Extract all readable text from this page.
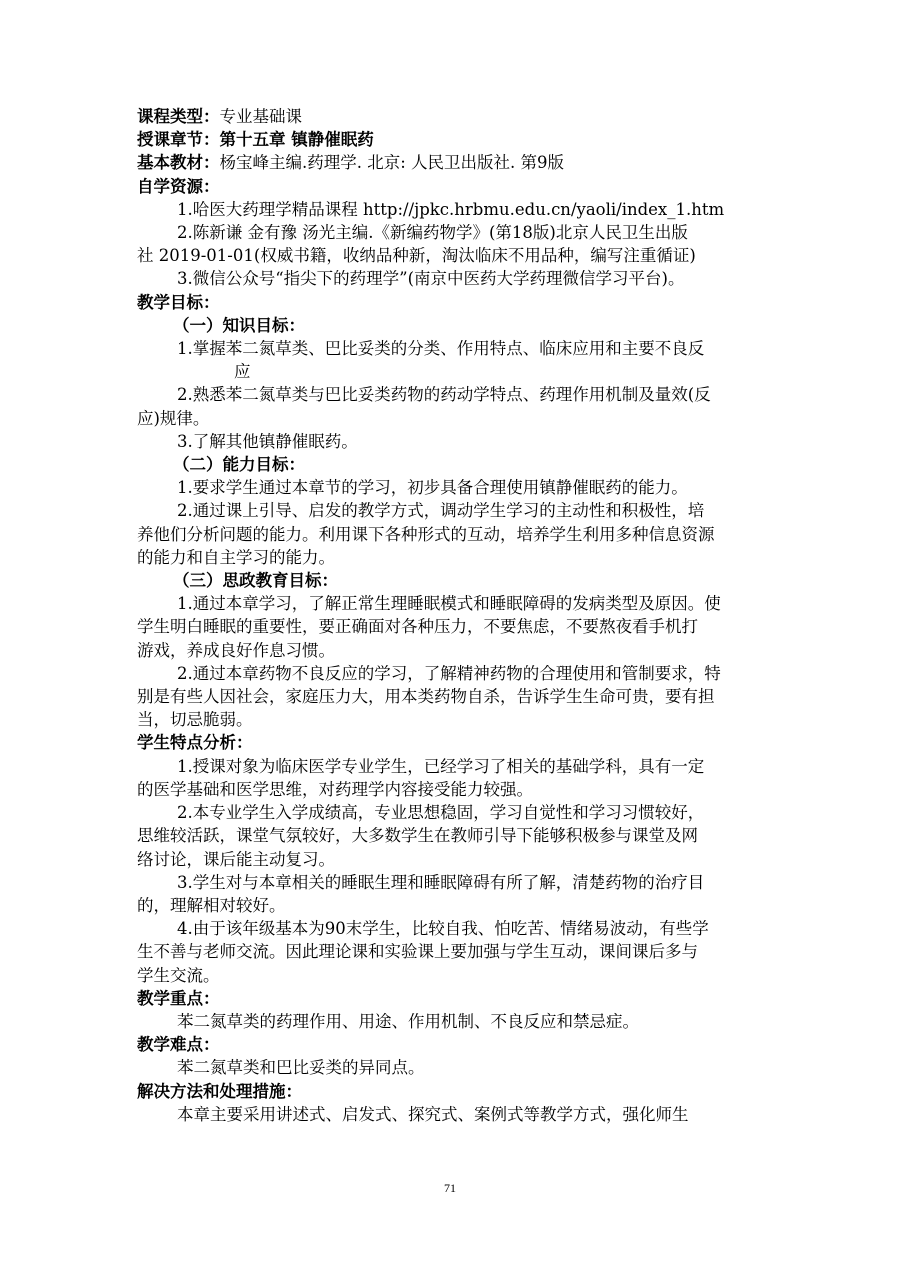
课程类型：专业基础课
授课章节：第十五章 镇静催眠药
基本教材：杨宝峰主编.药理学. 北京: 人民卫出版社. 第9版
自学资源：
1.哈医大药理学精品课程 http://jpkc.hrbmu.edu.cn/yaoli/index_1.htm
2.陈新谦 金有豫 汤光主编.《新编药物学》(第18版)北京人民卫生出版
社 2019-01-01(权威书籍，收纳品种新，淘汰临床不用品种，编写注重循证)
3.微信公众号“指尖下的药理学”(南京中医药大学药理微信学习平台)。
教学目标：
（一）知识目标：
1.掌握苯二氮草类、巴比妥类的分类、作用特点、临床应用和主要不良反
应
2.熟悉苯二氮草类与巴比妥类药物的药动学特点、药理作用机制及量效(反
应)规律。
3.了解其他镇静催眠药。
（二）能力目标：
1.要求学生通过本章节的学习，初步具备合理使用镇静催眠药的能力。
2.通过课上引导、启发的教学方式，调动学生学习的主动性和积极性，培
养他们分析问题的能力。利用课下各种形式的互动，培养学生利用多种信息资源
的能力和自主学习的能力。
（三）思政教育目标：
1.通过本章学习，了解正常生理睡眠模式和睡眠障碍的发病类型及原因。使
学生明白睡眠的重要性，要正确面对各种压力，不要焦虑，不要熬夜看手机打
游戏，养成良好作息习惯。
2.通过本章药物不良反应的学习，了解精神药物的合理使用和管制要求，特
别是有些人因社会，家庭压力大，用本类药物自杀，告诉学生生命可贵，要有担
当，切忌脆弱。
学生特点分析：
1.授课对象为临床医学专业学生，已经学习了相关的基础学科，具有一定
的医学基础和医学思维，对药理学内容接受能力较强。
2.本专业学生入学成绩高，专业思想稳固，学习自觉性和学习习惯较好，
思维较活跃，课堂气氛较好，大多数学生在教师引导下能够积极参与课堂及网
络讨论，课后能主动复习。
3.学生对与本章相关的睡眠生理和睡眠障碍有所了解，清楚药物的治疗目
的，理解相对较好。
4.由于该年级基本为90末学生，比较自我、怕吃苦、情绪易波动，有些学
生不善与老师交流。因此理论课和实验课上要加强与学生互动，课间课后多与
学生交流。
教学重点：
苯二氮草类的药理作用、用途、作用机制、不良反应和禁忌症。
教学难点：
苯二氮草类和巴比妥类的异同点。
解决方法和处理措施：
本章主要采用讲述式、启发式、探究式、案例式等教学方式，强化师生
71
